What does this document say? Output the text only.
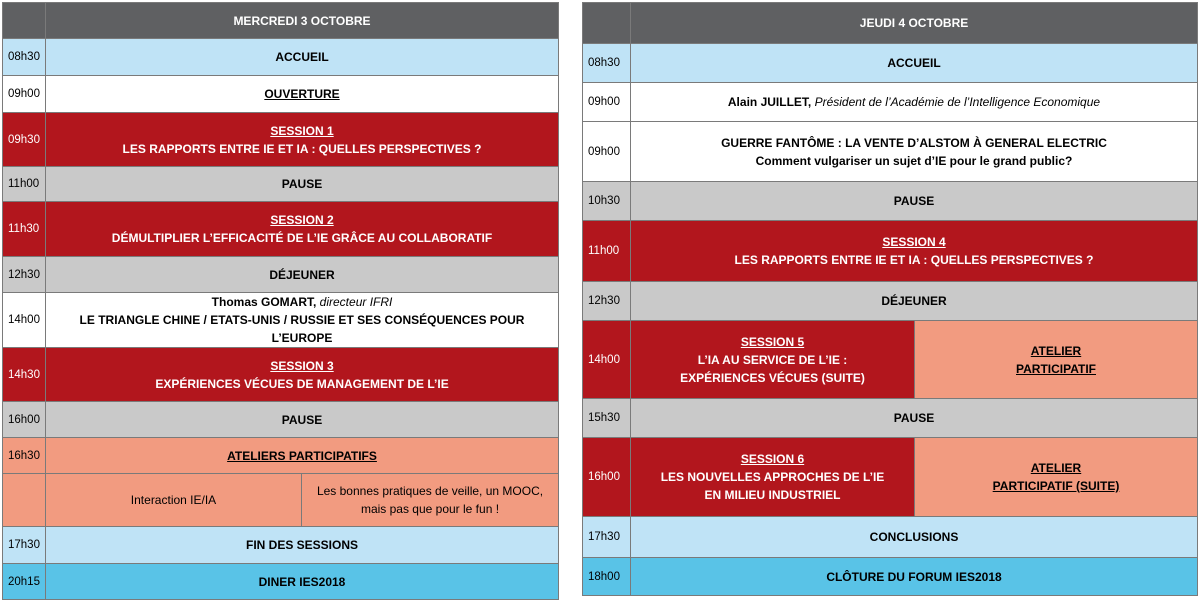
	MERCREDI 3 OCTOBRE	
08h30	ACCUEIL	
09h00	OUVERTURE	
09h30	SESSION 1
LES RAPPORTS ENTRE IE ET IA : QUELLES PERSPECTIVES ?	

11h00	PAUSE	
11h30	SESSION 2
DÉMULTIPLIER L’EFFICACITÉ DE L’IE GRÂCE AU COLLABORATIF	

12h30	DÉJEUNER	
14h00	Thomas GOMART, directeur IFRI
LE TRIANGLE CHINE / ETATS-UNIS / RUSSIE ET SES CONSÉQUENCES POUR L’EUROPE	

14h30	SESSION 3
EXPÉRIENCES VÉCUES DE MANAGEMENT DE L’IE	

16h00	PAUSE	
16h30	ATELIERS PARTICIPATIFS	
	Interaction IE/IA	Les bonnes pratiques de veille, un MOOC,
mais pas que pour le fun !

17h30	FIN DES SESSIONS	
20h15	DINER IES2018	
	JEUDI 4 OCTOBRE	
08h30	ACCUEIL	
09h00	Alain JUILLET, Président de l’Académie de l’Intelligence Economique	
09h00	GUERRE FANTÔME : LA VENTE D’ALSTOM À GENERAL ELECTRIC
Comment vulgariser un sujet d’IE pour le grand public?	

10h30	PAUSE	
11h00	SESSION 4
LES RAPPORTS ENTRE IE ET IA : QUELLES PERSPECTIVES ?	

12h30	DÉJEUNER	
14h00	SESSION 5
L’IA AU SERVICE DE L’IE :
EXPÉRIENCES VÉCUES (SUITE)	ATELIER
PARTICIPATIF

15h30	PAUSE	
16h00	SESSION 6
LES NOUVELLES APPROCHES DE L’IE
EN MILIEU INDUSTRIEL	ATELIER
PARTICIPATIF (SUITE)

17h30	CONCLUSIONS	
18h00	CLÔTURE DU FORUM IES2018	
